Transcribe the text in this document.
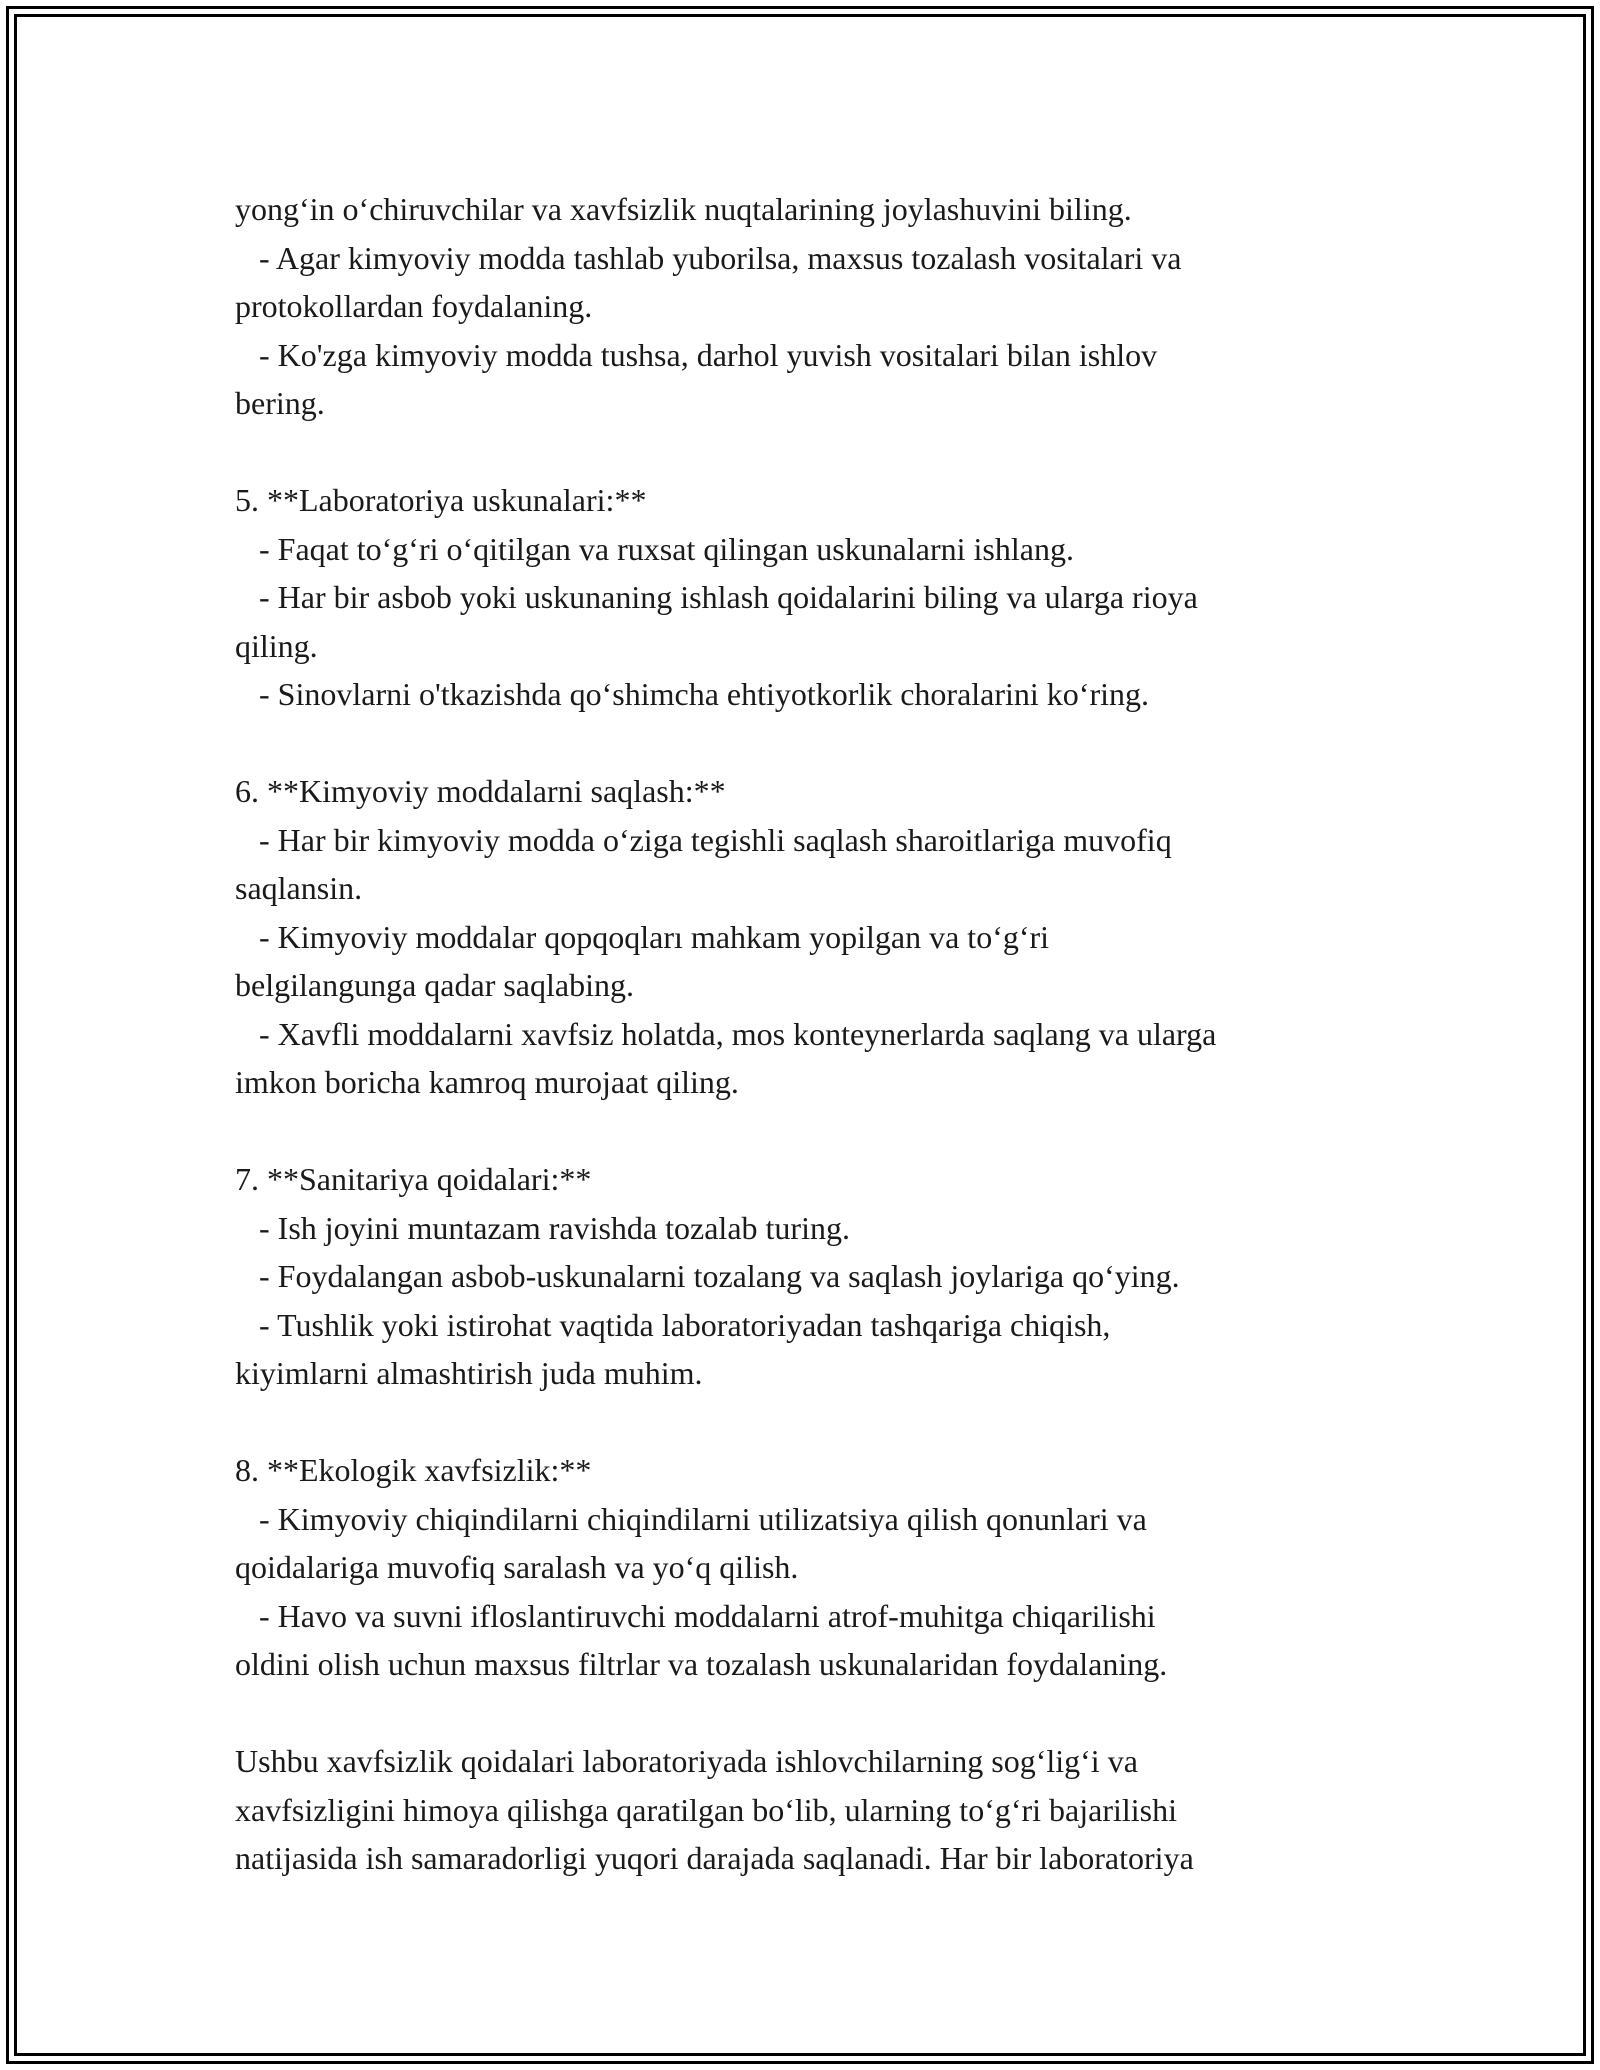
yong‘in o‘chiruvchilar va xavfsizlik nuqtalarining joylashuvini biling.
- Agar kimyoviy modda tashlab yuborilsa, maxsus tozalash vositalari va
protokollardan foydalaning.
- Ko'zga kimyoviy modda tushsa, darhol yuvish vositalari bilan ishlov
bering.
5. **Laboratoriya uskunalari:**
- Faqat to‘g‘ri o‘qitilgan va ruxsat qilingan uskunalarni ishlang.
- Har bir asbob yoki uskunaning ishlash qoidalarini biling va ularga rioya
qiling.
- Sinovlarni o'tkazishda qo‘shimcha ehtiyotkorlik choralarini ko‘ring.
6. **Kimyoviy moddalarni saqlash:**
- Har bir kimyoviy modda o‘ziga tegishli saqlash sharoitlariga muvofiq
saqlansin.
- Kimyoviy moddalar qopqoqları mahkam yopilgan va to‘g‘ri
belgilangunga qadar saqlabing.
- Xavfli moddalarni xavfsiz holatda, mos konteynerlarda saqlang va ularga
imkon boricha kamroq murojaat qiling.
7. **Sanitariya qoidalari:**
- Ish joyini muntazam ravishda tozalab turing.
- Foydalangan asbob-uskunalarni tozalang va saqlash joylariga qo‘ying.
- Tushlik yoki istirohat vaqtida laboratoriyadan tashqariga chiqish,
kiyimlarni almashtirish juda muhim.
8. **Ekologik xavfsizlik:**
- Kimyoviy chiqindilarni chiqindilarni utilizatsiya qilish qonunlari va
qoidalariga muvofiq saralash va yo‘q qilish.
- Havo va suvni ifloslantiruvchi moddalarni atrof-muhitga chiqarilishi
oldini olish uchun maxsus filtrlar va tozalash uskunalaridan foydalaning.
Ushbu xavfsizlik qoidalari laboratoriyada ishlovchilarning sog‘lig‘i va
xavfsizligini himoya qilishga qaratilgan bo‘lib, ularning to‘g‘ri bajarilishi
natijasida ish samaradorligi yuqori darajada saqlanadi. Har bir laboratoriya
